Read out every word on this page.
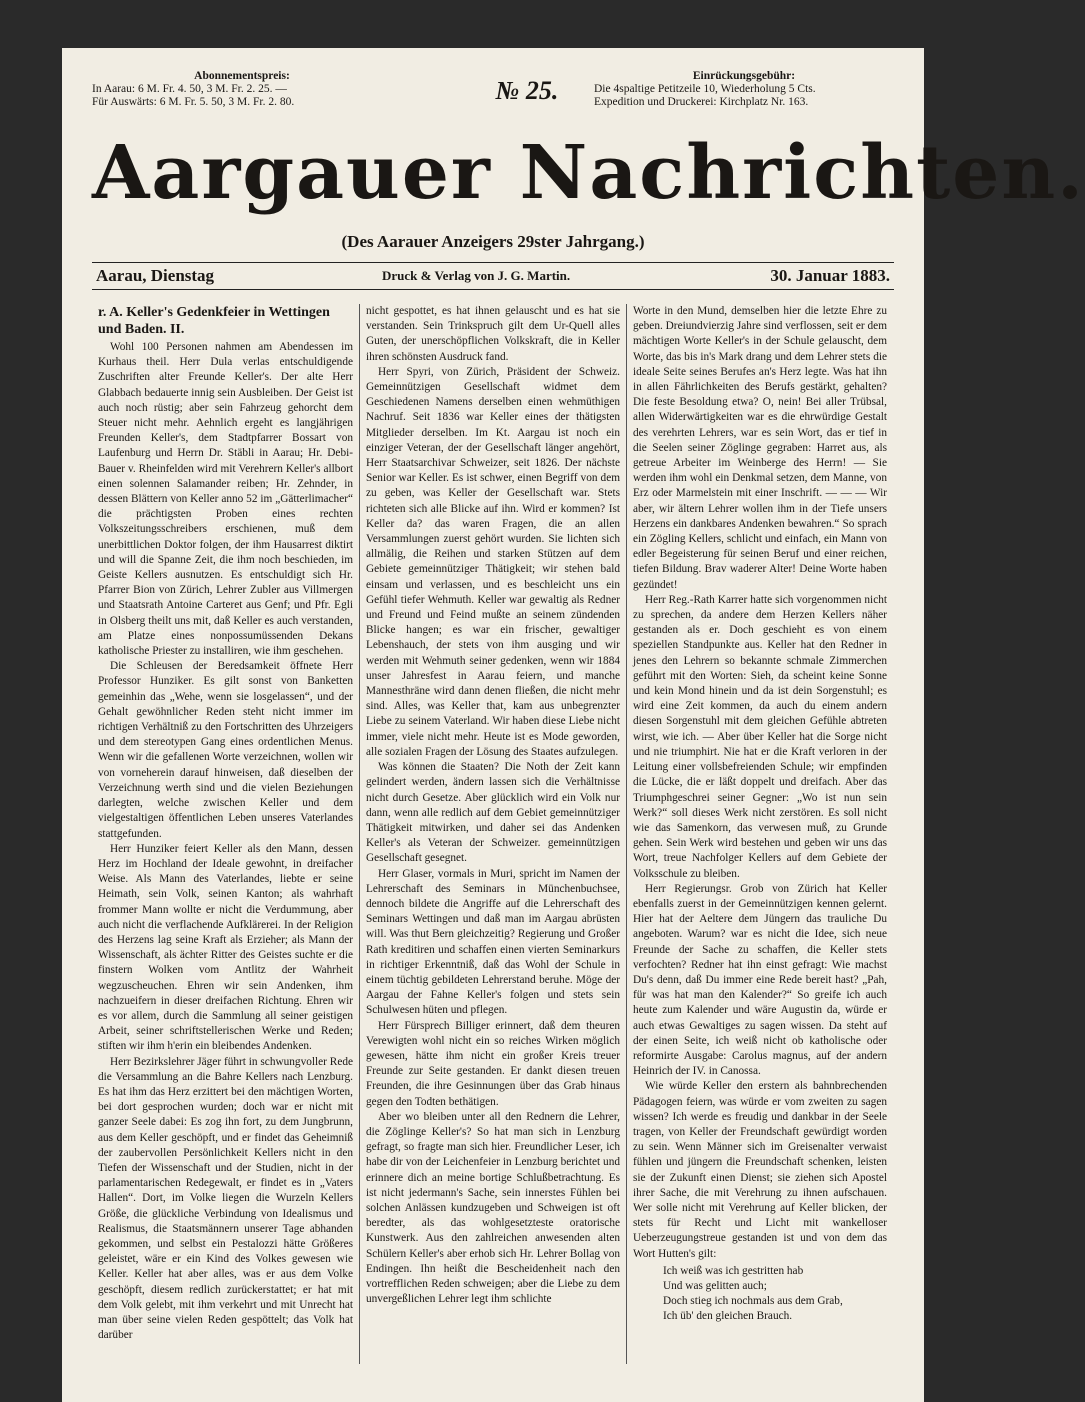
Abonnementspreis:
In Aarau: 6 M. Fr. 4. 50, 3 M. Fr. 2. 25. —
Für Auswärts: 6 M. Fr. 5. 50, 3 M. Fr. 2. 80.	№ 25.	Einrückungsgebühr:
Die 4spaltige Petitzeile 10, Wiederholung 5 Cts.
Expedition und Druckerei: Kirchplatz Nr. 163.
Aargauer Nachrichten.
(Des Aarauer Anzeigers 29ster Jahrgang.)
Aarau, Dienstag	Druck & Verlag von J. G. Martin.	30. Januar 1883.
r. A. Keller's Gedenkfeier in Wettingen und Baden. II.

Wohl 100 Personen nahmen am Abendessen im Kurhaus theil. Herr Dula verlas entschuldigende Zuschriften alter Freunde Keller's. Der alte Herr Glabbach bedauerte innig sein Ausbleiben. Der Geist ist auch noch rüstig; aber sein Fahrzeug gehorcht dem Steuer nicht mehr. Aehnlich ergeht es langjährigen Freunden Keller's, dem Stadtpfarrer Bossart von Laufenburg und Herrn Dr. Stäbli in Aarau; Hr. Debi-Bauer v. Rheinfelden wird mit Verehrern Keller's allbort einen solennen Salamander reiben; Hr. Zehnder, in dessen Blättern von Keller anno 52 im „Gätterlimacher“ die prächtigsten Proben eines rechten Volkszeitungsschreibers erschienen, muß dem unerbittlichen Doktor folgen, der ihm Hausarrest diktirt und will die Spanne Zeit, die ihm noch beschieden, im Geiste Kellers ausnutzen. Es entschuldigt sich Hr. Pfarrer Bion von Zürich, Lehrer Zubler aus Villmergen und Staatsrath Antoine Carteret aus Genf; und Pfr. Egli in Olsberg theilt uns mit, daß Keller es auch verstanden, am Platze eines nonpossumüssenden Dekans katholische Priester zu installiren, wie ihm geschehen.

Die Schleusen der Beredsamkeit öffnete Herr Professor Hunziker. Es gilt sonst von Banketten gemeinhin das „Wehe, wenn sie losgelassen“, und der Gehalt gewöhnlicher Reden steht nicht immer im richtigen Verhältniß zu den Fortschritten des Uhrzeigers und dem stereotypen Gang eines ordentlichen Menus. Wenn wir die gefallenen Worte verzeichnen, wollen wir von vorneherein darauf hinweisen, daß dieselben der Verzeichnung werth sind und die vielen Beziehungen darlegten, welche zwischen Keller und dem vielgestaltigen öffentlichen Leben unseres Vaterlandes stattgefunden.

Herr Hunziker feiert Keller als den Mann, dessen Herz im Hochland der Ideale gewohnt, in dreifacher Weise. Als Mann des Vaterlandes, liebte er seine Heimath, sein Volk, seinen Kanton; als wahrhaft frommer Mann wollte er nicht die Verdummung, aber auch nicht die verflachende Aufklärerei. In der Religion des Herzens lag seine Kraft als Erzieher; als Mann der Wissenschaft, als ächter Ritter des Geistes suchte er die finstern Wolken vom Antlitz der Wahrheit wegzuscheuchen. Ehren wir sein Andenken, ihm nachzueifern in dieser dreifachen Richtung. Ehren wir es vor allem, durch die Sammlung all seiner geistigen Arbeit, seiner schriftstellerischen Werke und Reden; stiften wir ihm h'erin ein bleibendes Andenken.

Herr Bezirkslehrer Jäger führt in schwungvoller Rede die Versammlung an die Bahre Kellers nach Lenzburg. Es hat ihm das Herz erzittert bei den mächtigen Worten, bei dort gesprochen wurden; doch war er nicht mit ganzer Seele dabei: Es zog ihn fort, zu dem Jungbrunn, aus dem Keller geschöpft, und er findet das Geheimniß der zaubervollen Persönlichkeit Kellers nicht in den Tiefen der Wissenschaft und der Studien, nicht in der parlamentarischen Redegewalt, er findet es in „Vaters Hallen“. Dort, im Volke liegen die Wurzeln Kellers Größe, die glückliche Verbindung von Idealismus und Realismus, die Staatsmännern unserer Tage abhanden gekommen, und selbst ein Pestalozzi hätte Größeres geleistet, wäre er ein Kind des Volkes gewesen wie Keller. Keller hat aber alles, was er aus dem Volke geschöpft, diesem redlich zurückerstattet; er hat mit dem Volk gelebt, mit ihm verkehrt und mit Unrecht hat man über seine vielen Reden gespöttelt; das Volk hat darüber

nicht gespottet, es hat ihnen gelauscht und es hat sie verstanden. Sein Trinkspruch gilt dem Ur-Quell alles Guten, der unerschöpflichen Volkskraft, die in Keller ihren schönsten Ausdruck fand.

Herr Spyri, von Zürich, Präsident der Schweiz. Gemeinnützigen Gesellschaft widmet dem Geschiedenen Namens derselben einen wehmüthigen Nachruf. Seit 1836 war Keller eines der thätigsten Mitglieder derselben. Im Kt. Aargau ist noch ein einziger Veteran, der der Gesellschaft länger angehört, Herr Staatsarchivar Schweizer, seit 1826. Der nächste Senior war Keller. Es ist schwer, einen Begriff von dem zu geben, was Keller der Gesellschaft war. Stets richteten sich alle Blicke auf ihn. Wird er kommen? Ist Keller da? das waren Fragen, die an allen Versammlungen zuerst gehört wurden. Sie lichten sich allmälig, die Reihen und starken Stützen auf dem Gebiete gemeinnütziger Thätigkeit; wir stehen bald einsam und verlassen, und es beschleicht uns ein Gefühl tiefer Wehmuth. Keller war gewaltig als Redner und Freund und Feind mußte an seinem zündenden Blicke hangen; es war ein frischer, gewaltiger Lebenshauch, der stets von ihm ausging und wir werden mit Wehmuth seiner gedenken, wenn wir 1884 unser Jahresfest in Aarau feiern, und manche Mannesthräne wird dann denen fließen, die nicht mehr sind. Alles, was Keller that, kam aus unbegrenzter Liebe zu seinem Vaterland. Wir haben diese Liebe nicht immer, viele nicht mehr. Heute ist es Mode geworden, alle sozialen Fragen der Lösung des Staates aufzulegen.

Was können die Staaten? Die Noth der Zeit kann gelindert werden, ändern lassen sich die Verhältnisse nicht durch Gesetze. Aber glücklich wird ein Volk nur dann, wenn alle redlich auf dem Gebiet gemeinnütziger Thätigkeit mitwirken, und daher sei das Andenken Keller's als Veteran der Schweizer. gemeinnützigen Gesellschaft gesegnet.

Herr Glaser, vormals in Muri, spricht im Namen der Lehrerschaft des Seminars in Münchenbuchsee, dennoch bildete die Angriffe auf die Lehrerschaft des Seminars Wettingen und daß man im Aargau abrüsten will. Was thut Bern gleichzeitig? Regierung und Großer Rath kreditiren und schaffen einen vierten Seminarkurs in richtiger Erkenntniß, daß das Wohl der Schule in einem tüchtig gebildeten Lehrerstand beruhe. Möge der Aargau der Fahne Keller's folgen und stets sein Schulwesen hüten und pflegen.

Herr Fürsprech Billiger erinnert, daß dem theuren Verewigten wohl nicht ein so reiches Wirken möglich gewesen, hätte ihm nicht ein großer Kreis treuer Freunde zur Seite gestanden. Er dankt diesen treuen Freunden, die ihre Gesinnungen über das Grab hinaus gegen den Todten bethätigen.

Aber wo bleiben unter all den Rednern die Lehrer, die Zöglinge Keller's? So hat man sich in Lenzburg gefragt, so fragte man sich hier. Freundlicher Leser, ich habe dir von der Leichenfeier in Lenzburg berichtet und erinnere dich an meine bortige Schlußbetrachtung. Es ist nicht jedermann's Sache, sein innerstes Fühlen bei solchen Anlässen kundzugeben und Schweigen ist oft beredter, als das wohlgesetzteste oratorische Kunstwerk. Aus den zahlreichen anwesenden alten Schülern Keller's aber erhob sich Hr. Lehrer Bollag von Endingen. Ihn heißt die Bescheidenheit nach den vortrefflichen Reden schweigen; aber die Liebe zu dem unvergeßlichen Lehrer legt ihm schlichte

Worte in den Mund, demselben hier die letzte Ehre zu geben. Dreiundvierzig Jahre sind verflossen, seit er dem mächtigen Worte Keller's in der Schule gelauscht, dem Worte, das bis in's Mark drang und dem Lehrer stets die ideale Seite seines Berufes an's Herz legte. Was hat ihn in allen Fährlichkeiten des Berufs gestärkt, gehalten? Die feste Besoldung etwa? O, nein! Bei aller Trübsal, allen Widerwärtigkeiten war es die ehrwürdige Gestalt des verehrten Lehrers, war es sein Wort, das er tief in die Seelen seiner Zöglinge gegraben: Harret aus, als getreue Arbeiter im Weinberge des Herrn! — Sie werden ihm wohl ein Denkmal setzen, dem Manne, von Erz oder Marmelstein mit einer Inschrift. — — — Wir aber, wir ältern Lehrer wollen ihm in der Tiefe unsers Herzens ein dankbares Andenken bewahren.“ So sprach ein Zögling Kellers, schlicht und einfach, ein Mann von edler Begeisterung für seinen Beruf und einer reichen, tiefen Bildung. Brav waderer Alter! Deine Worte haben gezündet!

Herr Reg.-Rath Karrer hatte sich vorgenommen nicht zu sprechen, da andere dem Herzen Kellers näher gestanden als er. Doch geschieht es von einem speziellen Standpunkte aus. Keller hat den Redner in jenes den Lehrern so bekannte schmale Zimmerchen geführt mit den Worten: Sieh, da scheint keine Sonne und kein Mond hinein und da ist dein Sorgenstuhl; es wird eine Zeit kommen, da auch du einem andern diesen Sorgenstuhl mit dem gleichen Gefühle abtreten wirst, wie ich. — Aber über Keller hat die Sorge nicht und nie triumphirt. Nie hat er die Kraft verloren in der Leitung einer vollsbefreienden Schule; wir empfinden die Lücke, die er läßt doppelt und dreifach. Aber das Triumphgeschrei seiner Gegner: „Wo ist nun sein Werk?“ soll dieses Werk nicht zerstören. Es soll nicht wie das Samenkorn, das verwesen muß, zu Grunde gehen. Sein Werk wird bestehen und geben wir uns das Wort, treue Nachfolger Kellers auf dem Gebiete der Volksschule zu bleiben.

Herr Regierungsr. Grob von Zürich hat Keller ebenfalls zuerst in der Gemeinnützigen kennen gelernt. Hier hat der Aeltere dem Jüngern das trauliche Du angeboten. Warum? war es nicht die Idee, sich neue Freunde der Sache zu schaffen, die Keller stets verfochten? Redner hat ihn einst gefragt: Wie machst Du's denn, daß Du immer eine Rede bereit hast? „Pah, für was hat man den Kalender?“ So greife ich auch heute zum Kalender und wäre Augustin da, würde er auch etwas Gewaltiges zu sagen wissen. Da steht auf der einen Seite, ich weiß nicht ob katholische oder reformirte Ausgabe: Carolus magnus, auf der andern Heinrich der IV. in Canossa.

Wie würde Keller den erstern als bahnbrechenden Pädagogen feiern, was würde er vom zweiten zu sagen wissen? Ich werde es freudig und dankbar in der Seele tragen, von Keller der Freundschaft gewürdigt worden zu sein. Wenn Männer sich im Greisenalter verwaist fühlen und jüngern die Freundschaft schenken, leisten sie der Zukunft einen Dienst; sie ziehen sich Apostel ihrer Sache, die mit Verehrung zu ihnen aufschauen. Wer solle nicht mit Verehrung auf Keller blicken, der stets für Recht und Licht mit wankelloser Ueberzeugungstreue gestanden ist und von dem das Wort Hutten's gilt:

Ich weiß was ich gestritten hab
Und was gelitten auch;
Doch stieg ich nochmals aus dem Grab,
Ich üb' den gleichen Brauch.
